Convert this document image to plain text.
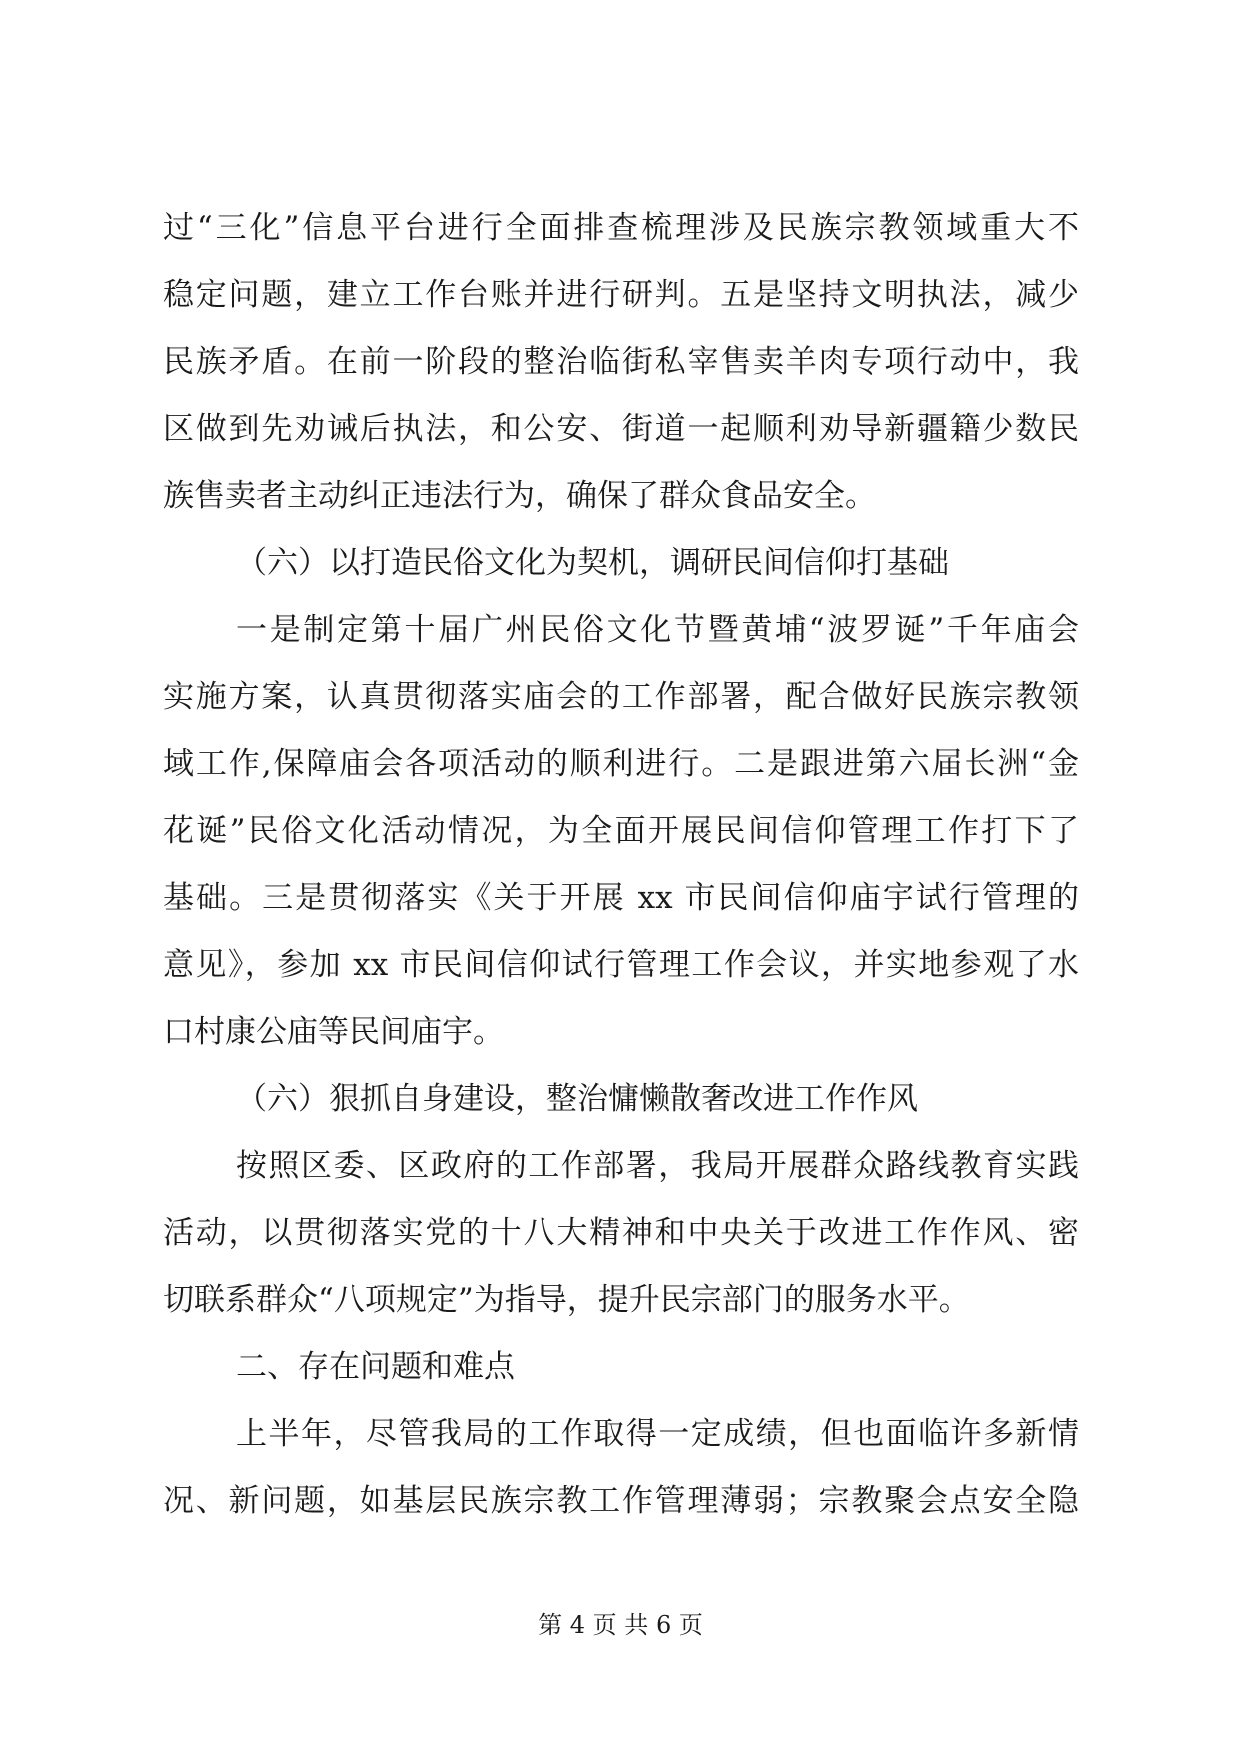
过“三化”信息平台进行全面排查梳理涉及民族宗教领域重大不
稳定问题，建立工作台账并进行研判。五是坚持文明执法，减少
民族矛盾。在前一阶段的整治临街私宰售卖羊肉专项行动中，我
区做到先劝诫后执法，和公安、街道一起顺利劝导新疆籍少数民
族售卖者主动纠正违法行为，确保了群众食品安全。
（六）以打造民俗文化为契机，调研民间信仰打基础
一是制定第十届广州民俗文化节暨黄埔“波罗诞”千年庙会
实施方案，认真贯彻落实庙会的工作部署，配合做好民族宗教领
域工作,保障庙会各项活动的顺利进行。二是跟进第六届长洲“金
花诞”民俗文化活动情况，为全面开展民间信仰管理工作打下了
基础。三是贯彻落实《关于开展 xx 市民间信仰庙宇试行管理的
意见》，参加 xx 市民间信仰试行管理工作会议，并实地参观了水
口村康公庙等民间庙宇。
（六）狠抓自身建设，整治慵懒散奢改进工作作风
按照区委、区政府的工作部署，我局开展群众路线教育实践
活动，以贯彻落实党的十八大精神和中央关于改进工作作风、密
切联系群众“八项规定”为指导，提升民宗部门的服务水平。
二、存在问题和难点
上半年，尽管我局的工作取得一定成绩，但也面临许多新情
况、新问题，如基层民族宗教工作管理薄弱；宗教聚会点安全隐
第 4 页 共 6 页
